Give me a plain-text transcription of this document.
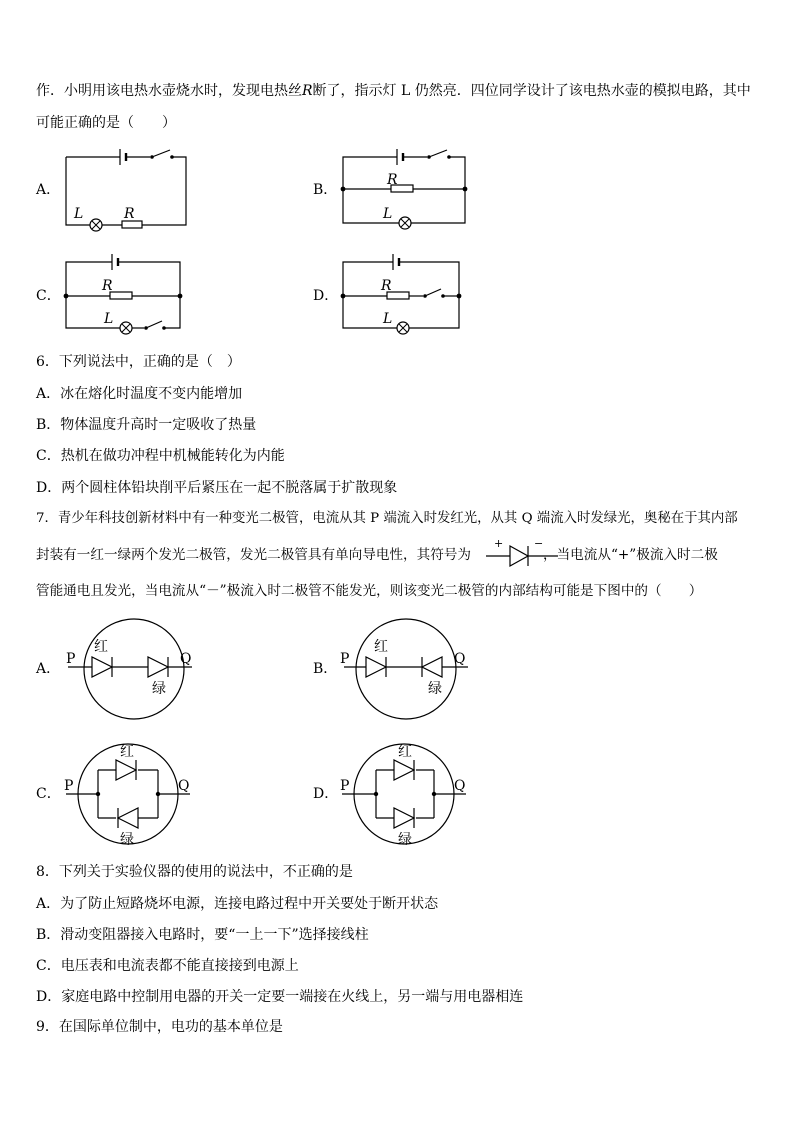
作．小明用该电热水壶烧水时，发现电热丝R断了，指示灯 L 仍然亮．四位同学设计了该电热水壶的模拟电路，其中
可能正确的是（　　）
A．
L	R
B．
R
L
C．
R
L
D．
R
L
6．下列说法中，正确的是（　）
A．冰在熔化时温度不变内能增加
B．物体温度升高时一定吸收了热量
C．热机在做功冲程中机械能转化为内能
D．两个圆柱体铅块削平后紧压在一起不脱落属于扩散现象
7．青少年科技创新材料中有一种变光二极管，电流从其 P 端流入时发红光，从其 Q 端流入时发绿光，奥秘在于其内部
封装有一红一绿两个发光二极管，发光二极管具有单向导电性，其符号为	，当电流从“+”极流入时二极
+	−
管能通电且发光，当电流从“－”极流入时二极管不能发光，则该变光二极管的内部结构可能是下图中的（　　）
A．
P	Q
红
绿
B．
P	Q
红
绿
C． P	Q
红
绿
D． P	Q
红
绿
8．下列关于实验仪器的使用的说法中，不正确的是
A．为了防止短路烧坏电源，连接电路过程中开关要处于断开状态
B．滑动变阻器接入电路时，要“一上一下”选择接线柱
C．电压表和电流表都不能直接接到电源上
D．家庭电路中控制用电器的开关一定要一端接在火线上，另一端与用电器相连
9．在国际单位制中，电功的基本单位是
